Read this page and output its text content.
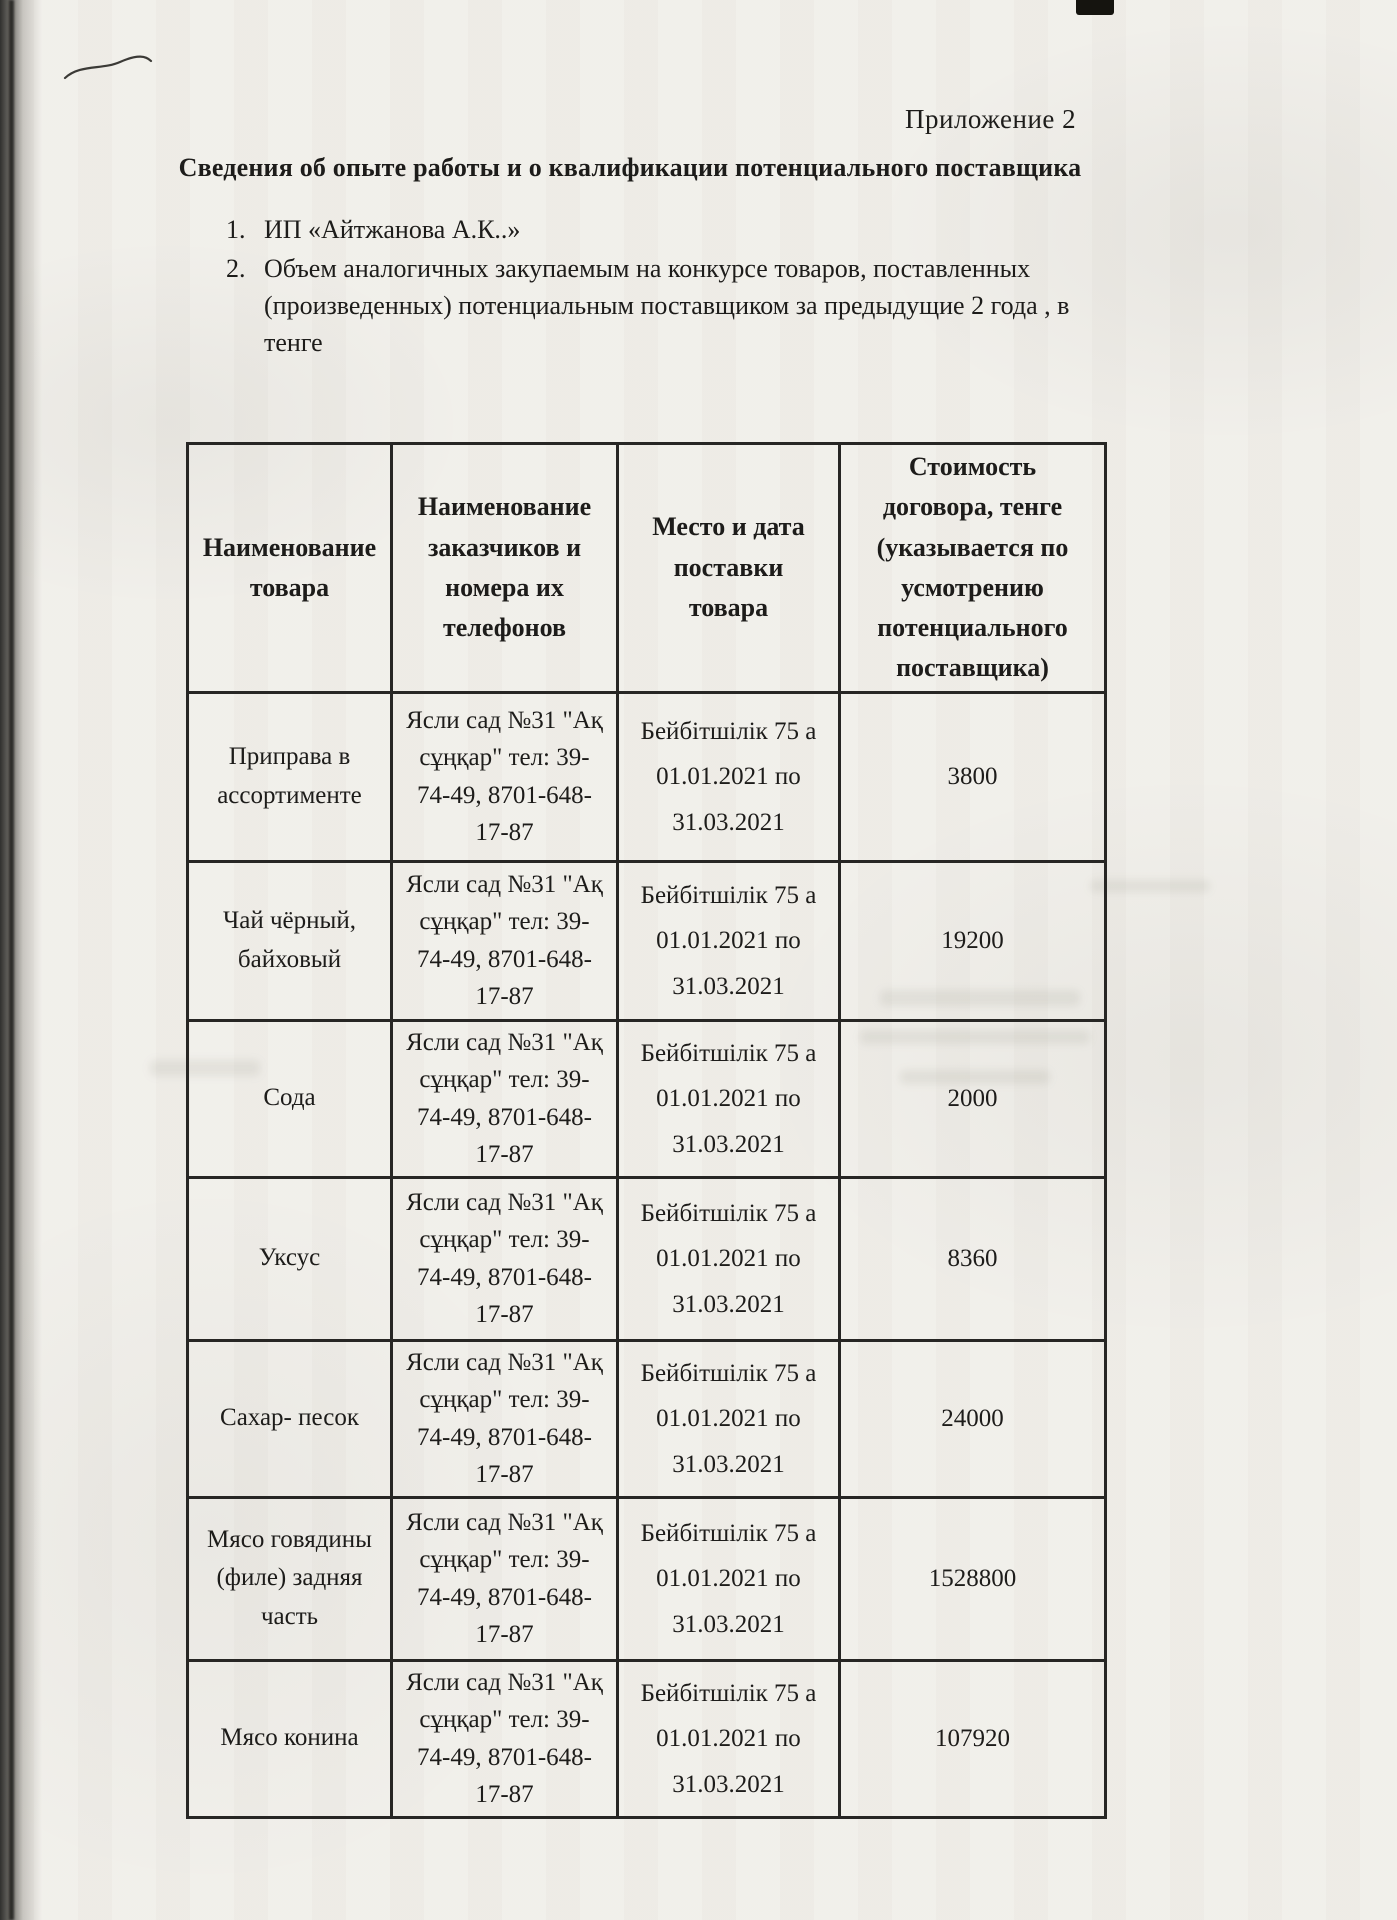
Приложение 2
Сведения об опыте работы и о квалификации потенциального поставщика
1. ИП «Айтжанова А.К..»
2. Объем аналогичных закупаемым на конкурсе товаров, поставленных (произведенных) потенциальным поставщиком за предыдущие 2 года , в тенге
Наименование товара	Наименование заказчиков и номера их телефонов	Место и дата поставки товара	Стоимость договора, тенге (указывается по усмотрению потенциального поставщика)
Приправа в ассортименте	Ясли сад №31 "Ақ сұңқар" тел: 39-74-49, 8701-648-17-87	Бейбітшілік 75 а 01.01.2021 по 31.03.2021	3800
Чай чёрный, байховый	Ясли сад №31 "Ақ сұңқар" тел: 39-74-49, 8701-648-17-87	Бейбітшілік 75 а 01.01.2021 по 31.03.2021	19200
Сода	Ясли сад №31 "Ақ сұңқар" тел: 39-74-49, 8701-648-17-87	Бейбітшілік 75 а 01.01.2021 по 31.03.2021	2000
Уксус	Ясли сад №31 "Ақ сұңқар" тел: 39-74-49, 8701-648-17-87	Бейбітшілік 75 а 01.01.2021 по 31.03.2021	8360
Сахар- песок	Ясли сад №31 "Ақ сұңқар" тел: 39-74-49, 8701-648-17-87	Бейбітшілік 75 а 01.01.2021 по 31.03.2021	24000
Мясо говядины (филе) задняя часть	Ясли сад №31 "Ақ сұңқар" тел: 39-74-49, 8701-648-17-87	Бейбітшілік 75 а 01.01.2021 по 31.03.2021	1528800
Мясо конина	Ясли сад №31 "Ақ сұңқар" тел: 39-74-49, 8701-648-17-87	Бейбітшілік 75 а 01.01.2021 по 31.03.2021	107920
